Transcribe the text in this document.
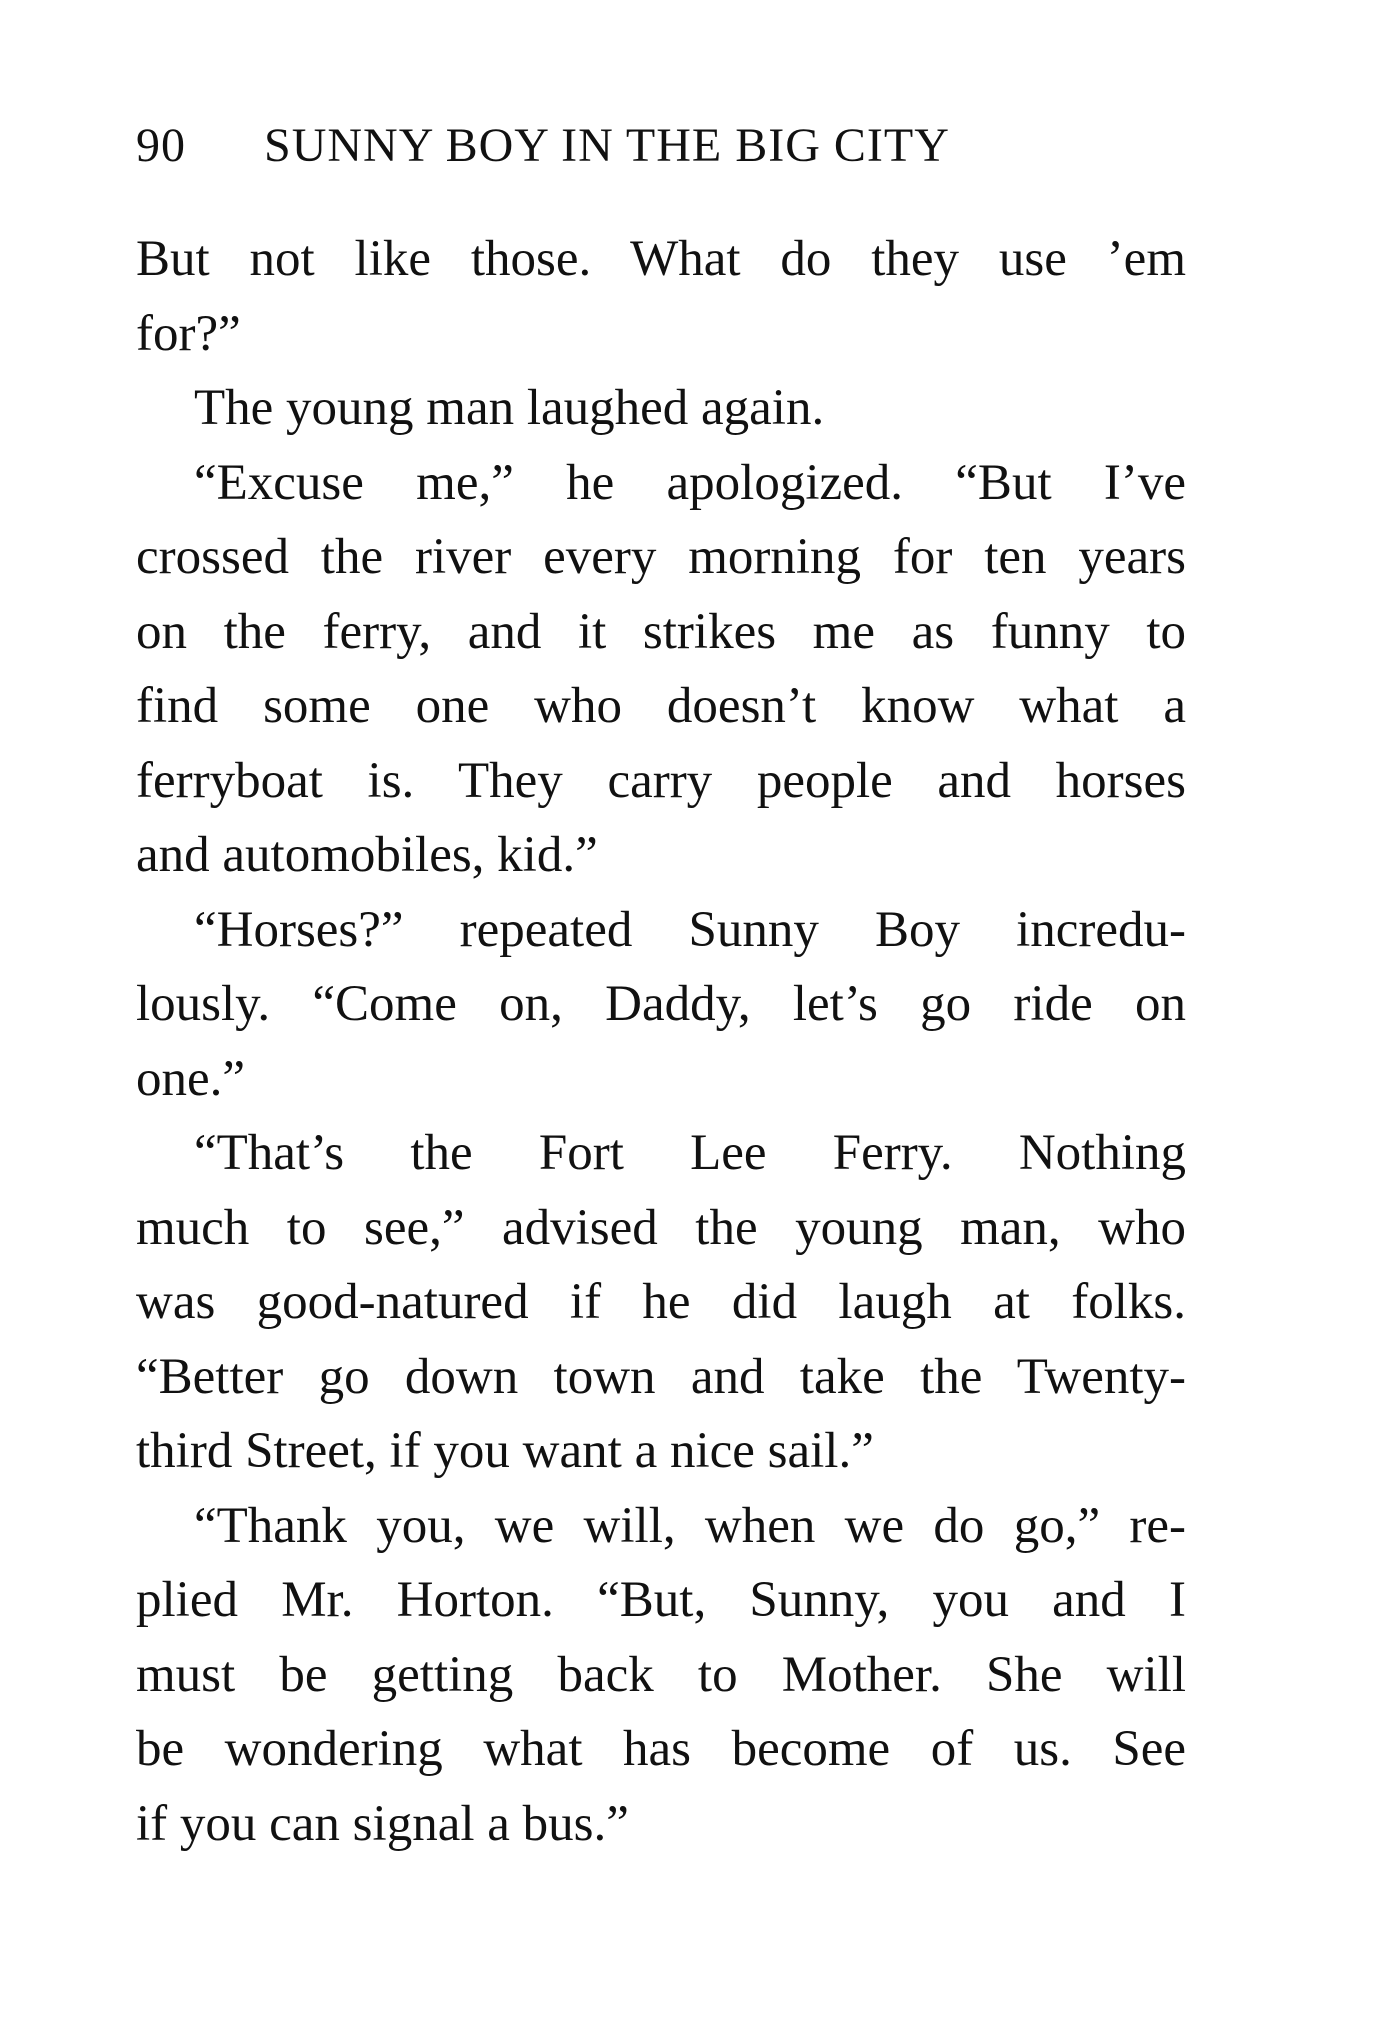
90 SUNNY BOY IN THE BIG CITY
But not like those. What do they use ’em
for?”
The young man laughed again.
“Excuse me,” he apologized. “But I’ve
crossed the river every morning for ten years
on the ferry, and it strikes me as funny to
find some one who doesn’t know what a
ferryboat is. They carry people and horses
and automobiles, kid.”
“Horses?” repeated Sunny Boy incredu-
lously. “Come on, Daddy, let’s go ride on
one.”
“That’s the Fort Lee Ferry. Nothing
much to see,” advised the young man, who
was good-natured if he did laugh at folks.
“Better go down town and take the Twenty-
third Street, if you want a nice sail.”
“Thank you, we will, when we do go,” re-
plied Mr. Horton. “But, Sunny, you and I
must be getting back to Mother. She will
be wondering what has become of us. See
if you can signal a bus.”
